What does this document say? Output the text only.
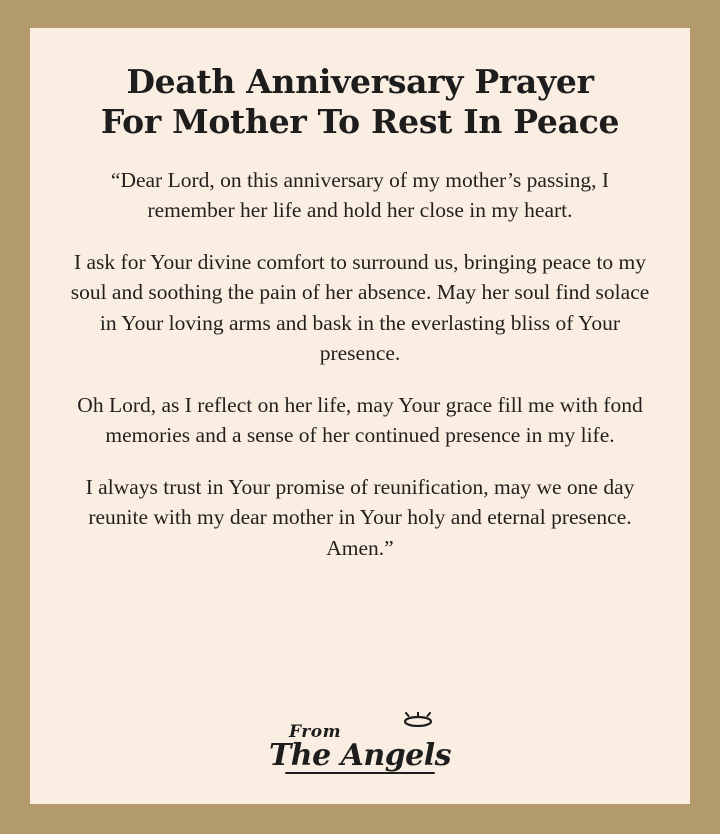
Death Anniversary Prayer
For Mother To Rest In Peace

“Dear Lord, on this anniversary of my mother’s passing, I remember her life and hold her close in my heart.

I ask for Your divine comfort to surround us, bringing peace to my soul and soothing the pain of her absence. May her soul find solace in Your loving arms and bask in the everlasting bliss of Your presence.

Oh Lord, as I reflect on her life, may Your grace fill me with fond memories and a sense of her continued presence in my life.

I always trust in Your promise of reunification, may we one day reunite with my dear mother in Your holy and eternal presence. Amen.”

From
The Angels
